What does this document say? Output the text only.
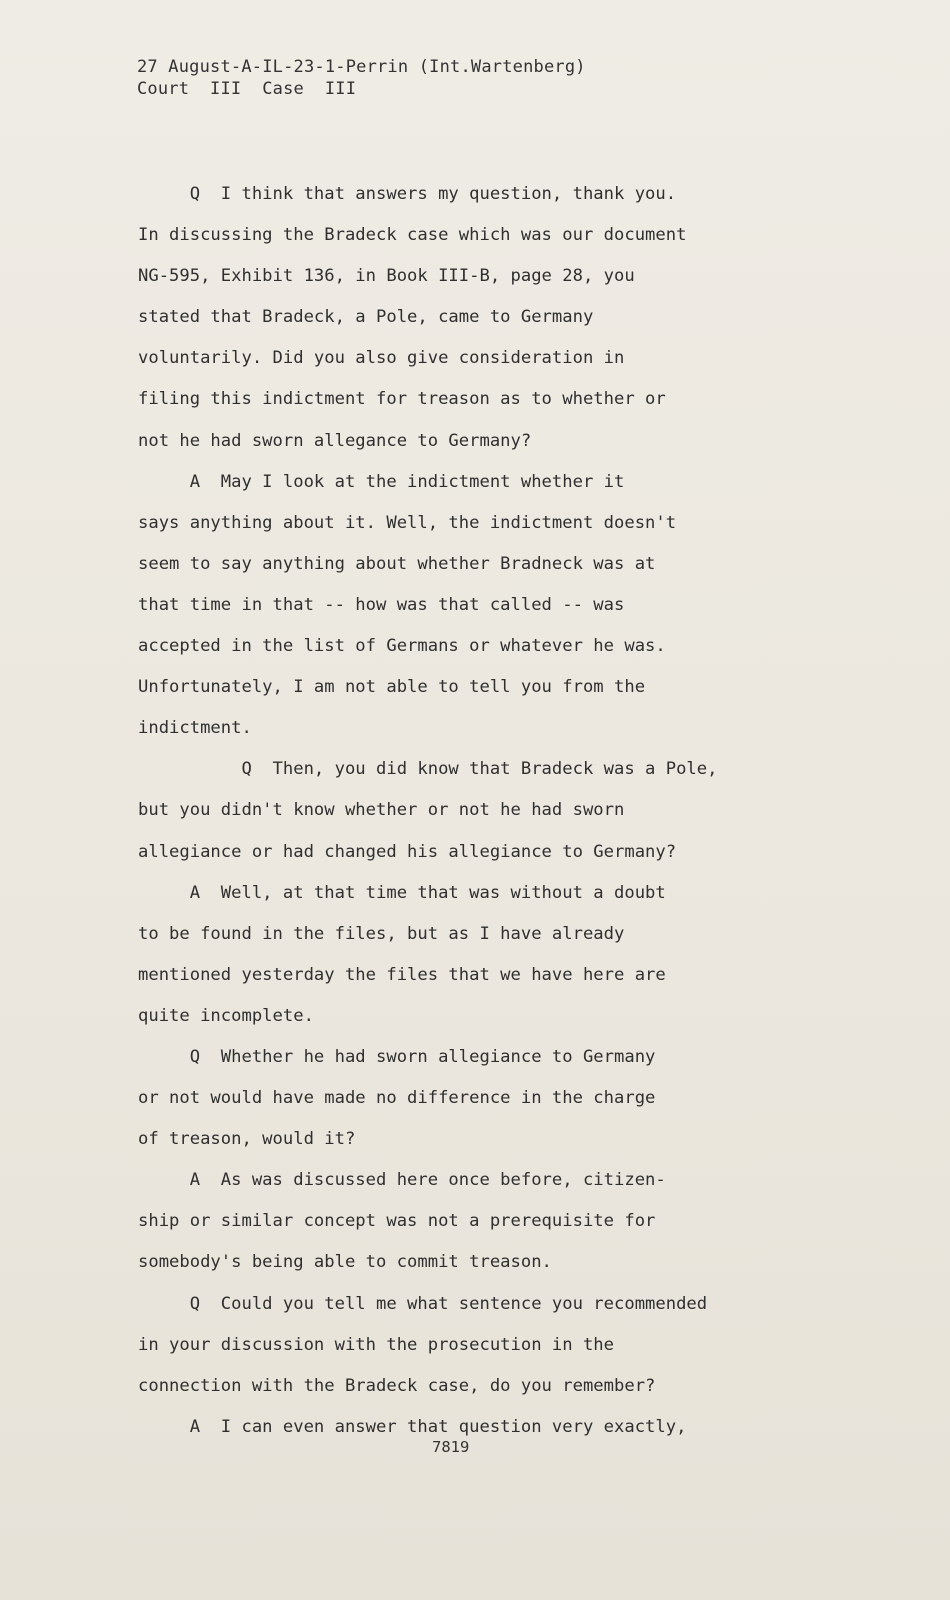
27 August-A-IL-23-1-Perrin (Int.Wartenberg)
Court  III  Case  III
Q  I think that answers my question, thank you.
In discussing the Bradeck case which was our document
NG-595, Exhibit 136, in Book III-B, page 28, you
stated that Bradeck, a Pole, came to Germany
voluntarily. Did you also give consideration in
filing this indictment for treason as to whether or
not he had sworn allegance to Germany?
A  May I look at the indictment whether it
says anything about it. Well, the indictment doesn't
seem to say anything about whether Bradneck was at
that time in that -- how was that called -- was
accepted in the list of Germans or whatever he was.
Unfortunately, I am not able to tell you from the
indictment.
Q  Then, you did know that Bradeck was a Pole,
but you didn't know whether or not he had sworn
allegiance or had changed his allegiance to Germany?
A  Well, at that time that was without a doubt
to be found in the files, but as I have already
mentioned yesterday the files that we have here are
quite incomplete.
Q  Whether he had sworn allegiance to Germany
or not would have made no difference in the charge
of treason, would it?
A  As was discussed here once before, citizen-
ship or similar concept was not a prerequisite for
somebody's being able to commit treason.
Q  Could you tell me what sentence you recommended
in your discussion with the prosecution in the
connection with the Bradeck case, do you remember?
A  I can even answer that question very exactly,
7819
